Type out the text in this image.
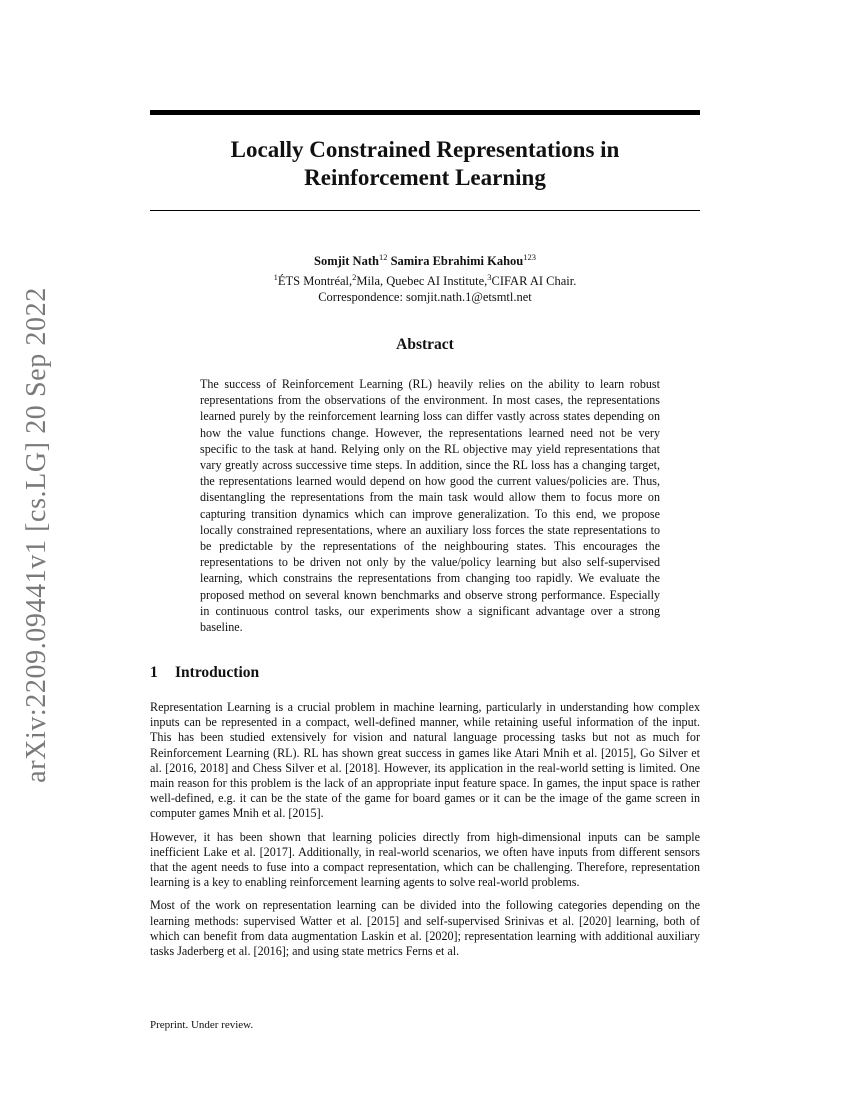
arXiv:2209.09441v1 [cs.LG] 20 Sep 2022
Locally Constrained Representations in
Reinforcement Learning
Somjit Nath$^{12}$ Samira Ebrahimi Kahou$^{123}$
$^1$ÉTS Montréal,$^2$Mila, Quebec AI Institute,$^3$CIFAR AI Chair.
Correspondence: somjit.nath.1@etsmtl.net
Abstract
The success of Reinforcement Learning (RL) heavily relies on the ability to learn robust representations from the observations of the environment. In most cases, the representations learned purely by the reinforcement learning loss can differ vastly across states depending on how the value functions change. However, the representations learned need not be very specific to the task at hand. Relying only on the RL objective may yield representations that vary greatly across successive time steps. In addition, since the RL loss has a changing target, the representations learned would depend on how good the current values/policies are. Thus, disentangling the representations from the main task would allow them to focus more on capturing transition dynamics which can improve generalization. To this end, we propose locally constrained representations, where an auxiliary loss forces the state representations to be predictable by the representations of the neighbouring states. This encourages the representations to be driven not only by the value/policy learning but also self-supervised learning, which constrains the representations from changing too rapidly. We evaluate the proposed method on several known benchmarks and observe strong performance. Especially in continuous control tasks, our experiments show a significant advantage over a strong baseline.
1 Introduction

Representation Learning is a crucial problem in machine learning, particularly in understanding how complex inputs can be represented in a compact, well-defined manner, while retaining useful information of the input. This has been studied extensively for vision and natural language processing tasks but not as much for Reinforcement Learning (RL). RL has shown great success in games like Atari Mnih et al. [2015], Go Silver et al. [2016, 2018] and Chess Silver et al. [2018]. However, its application in the real-world setting is limited. One main reason for this problem is the lack of an appropriate input feature space. In games, the input space is rather well-defined, e.g. it can be the state of the game for board games or it can be the image of the game screen in computer games Mnih et al. [2015].

However, it has been shown that learning policies directly from high-dimensional inputs can be sample inefficient Lake et al. [2017]. Additionally, in real-world scenarios, we often have inputs from different sensors that the agent needs to fuse into a compact representation, which can be challenging. Therefore, representation learning is a key to enabling reinforcement learning agents to solve real-world problems.

Most of the work on representation learning can be divided into the following categories depending on the learning methods: supervised Watter et al. [2015] and self-supervised Srinivas et al. [2020] learning, both of which can benefit from data augmentation Laskin et al. [2020]; representation learning with additional auxiliary tasks Jaderberg et al. [2016]; and using state metrics Ferns et al.

Preprint. Under review.
